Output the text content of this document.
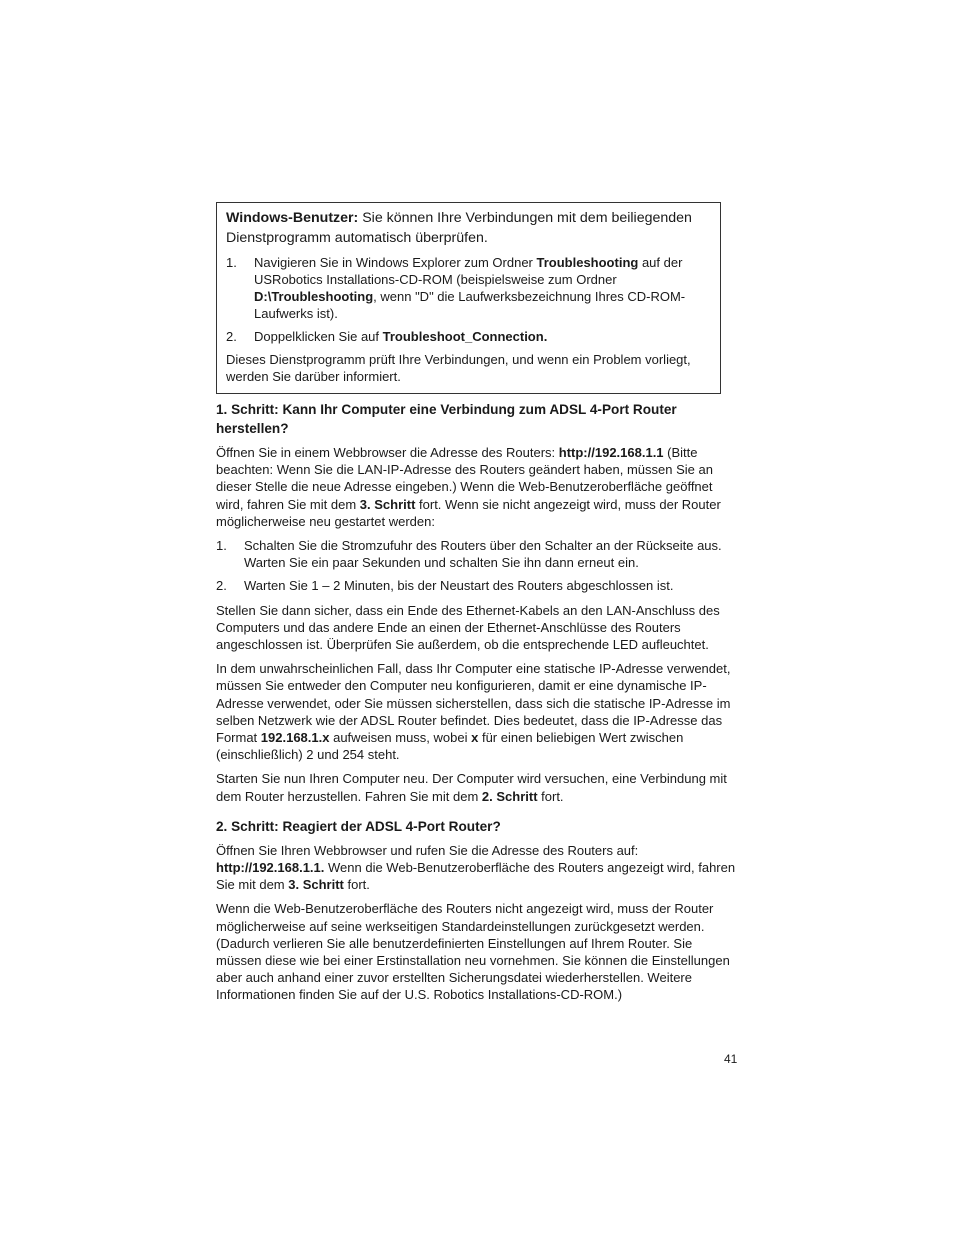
Windows-Benutzer: Sie können Ihre Verbindungen mit dem beiliegenden Dienstprogramm automatisch überprüfen.

1. Navigieren Sie in Windows Explorer zum Ordner Troubleshooting auf der USRobotics Installations-CD-ROM (beispielsweise zum Ordner D:\Troubleshooting, wenn "D" die Laufwerksbezeichnung Ihres CD-ROM-Laufwerks ist).
2. Doppelklicken Sie auf Troubleshoot_Connection.

Dieses Dienstprogramm prüft Ihre Verbindungen, und wenn ein Problem vorliegt, werden Sie darüber informiert.

1. Schritt: Kann Ihr Computer eine Verbindung zum ADSL 4-Port Router herstellen?

Öffnen Sie in einem Webbrowser die Adresse des Routers: http://192.168.1.1 (Bitte beachten: Wenn Sie die LAN-IP-Adresse des Routers geändert haben, müssen Sie an dieser Stelle die neue Adresse eingeben.) Wenn die Web-Benutzeroberfläche geöffnet wird, fahren Sie mit dem 3. Schritt fort. Wenn sie nicht angezeigt wird, muss der Router möglicherweise neu gestartet werden:

1. Schalten Sie die Stromzufuhr des Routers über den Schalter an der Rückseite aus. Warten Sie ein paar Sekunden und schalten Sie ihn dann erneut ein.
2. Warten Sie 1 – 2 Minuten, bis der Neustart des Routers abgeschlossen ist.

Stellen Sie dann sicher, dass ein Ende des Ethernet-Kabels an den LAN-Anschluss des Computers und das andere Ende an einen der Ethernet-Anschlüsse des Routers angeschlossen ist. Überprüfen Sie außerdem, ob die entsprechende LED aufleuchtet.

In dem unwahrscheinlichen Fall, dass Ihr Computer eine statische IP-Adresse verwendet, müssen Sie entweder den Computer neu konfigurieren, damit er eine dynamische IP-Adresse verwendet, oder Sie müssen sicherstellen, dass sich die statische IP-Adresse im selben Netzwerk wie der ADSL Router befindet. Dies bedeutet, dass die IP-Adresse das Format 192.168.1.x aufweisen muss, wobei x für einen beliebigen Wert zwischen (einschließlich) 2 und 254 steht.

Starten Sie nun Ihren Computer neu. Der Computer wird versuchen, eine Verbindung mit dem Router herzustellen. Fahren Sie mit dem 2. Schritt fort.

2. Schritt: Reagiert der ADSL 4-Port Router?

Öffnen Sie Ihren Webbrowser und rufen Sie die Adresse des Routers auf: http://192.168.1.1. Wenn die Web-Benutzeroberfläche des Routers angezeigt wird, fahren Sie mit dem 3. Schritt fort.

Wenn die Web-Benutzeroberfläche des Routers nicht angezeigt wird, muss der Router möglicherweise auf seine werkseitigen Standardeinstellungen zurückgesetzt werden. (Dadurch verlieren Sie alle benutzerdefinierten Einstellungen auf Ihrem Router. Sie müssen diese wie bei einer Erstinstallation neu vornehmen. Sie können die Einstellungen aber auch anhand einer zuvor erstellten Sicherungsdatei wiederherstellen. Weitere Informationen finden Sie auf der U.S. Robotics Installations-CD-ROM.)

41
